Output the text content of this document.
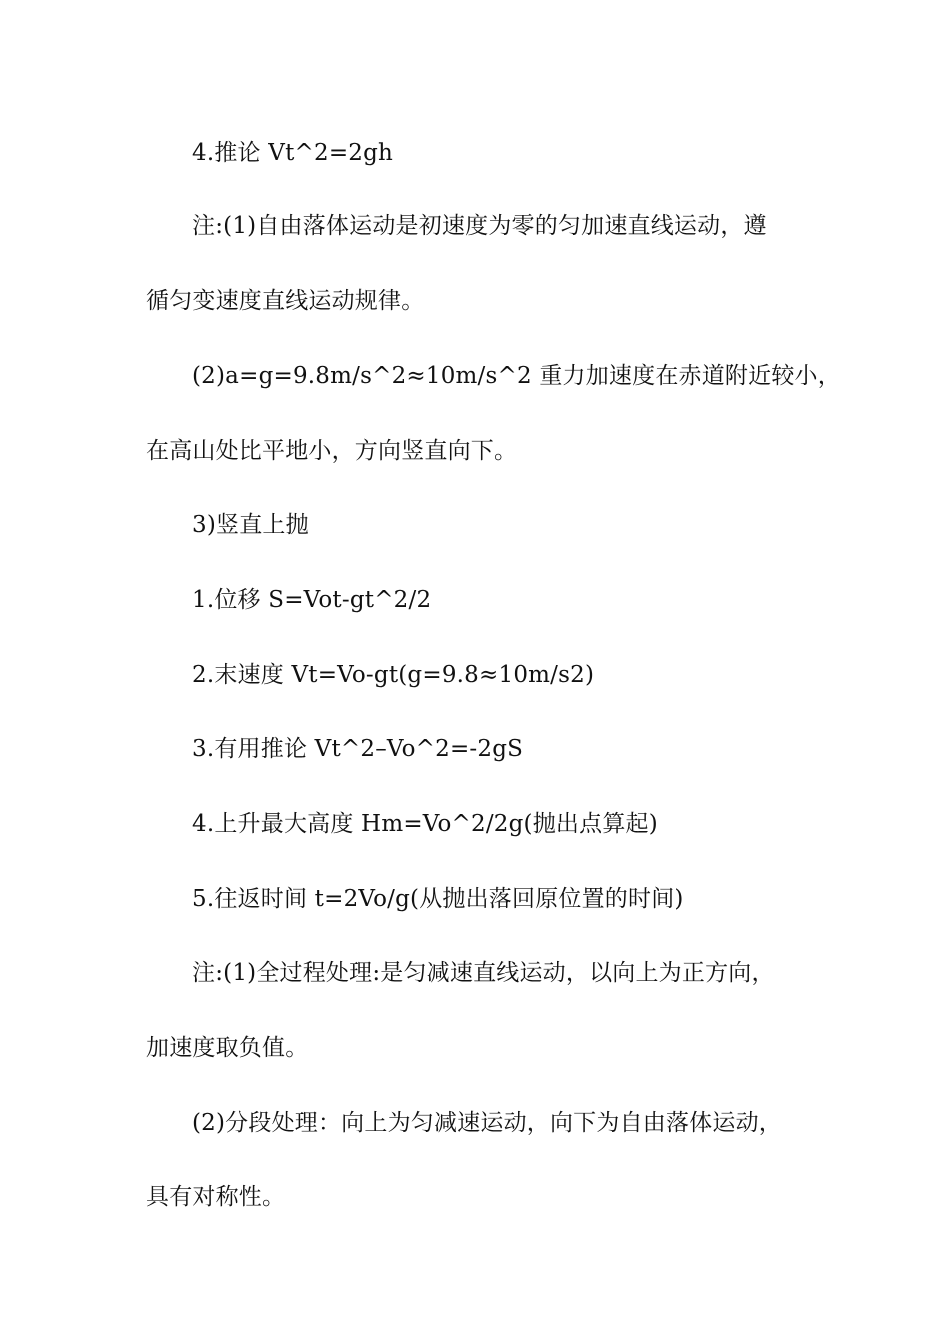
4.推论 Vt^2=2gh
注:(1)自由落体运动是初速度为零的匀加速直线运动，遵
循匀变速度直线运动规律。
(2)a=g=9.8m/s^2≈10m/s^2 重力加速度在赤道附近较小，
在高山处比平地小，方向竖直向下。
3)竖直上抛
1.位移 S=Vot-gt^2/2
2.末速度 Vt=Vo-gt(g=9.8≈10m/s2)
3.有用推论 Vt^2–Vo^2=-2gS
4.上升最大高度 Hm=Vo^2/2g(抛出点算起)
5.往返时间 t=2Vo/g(从抛出落回原位置的时间)
注:(1)全过程处理:是匀减速直线运动，以向上为正方向，
加速度取负值。
(2)分段处理：向上为匀减速运动，向下为自由落体运动，
具有对称性。
